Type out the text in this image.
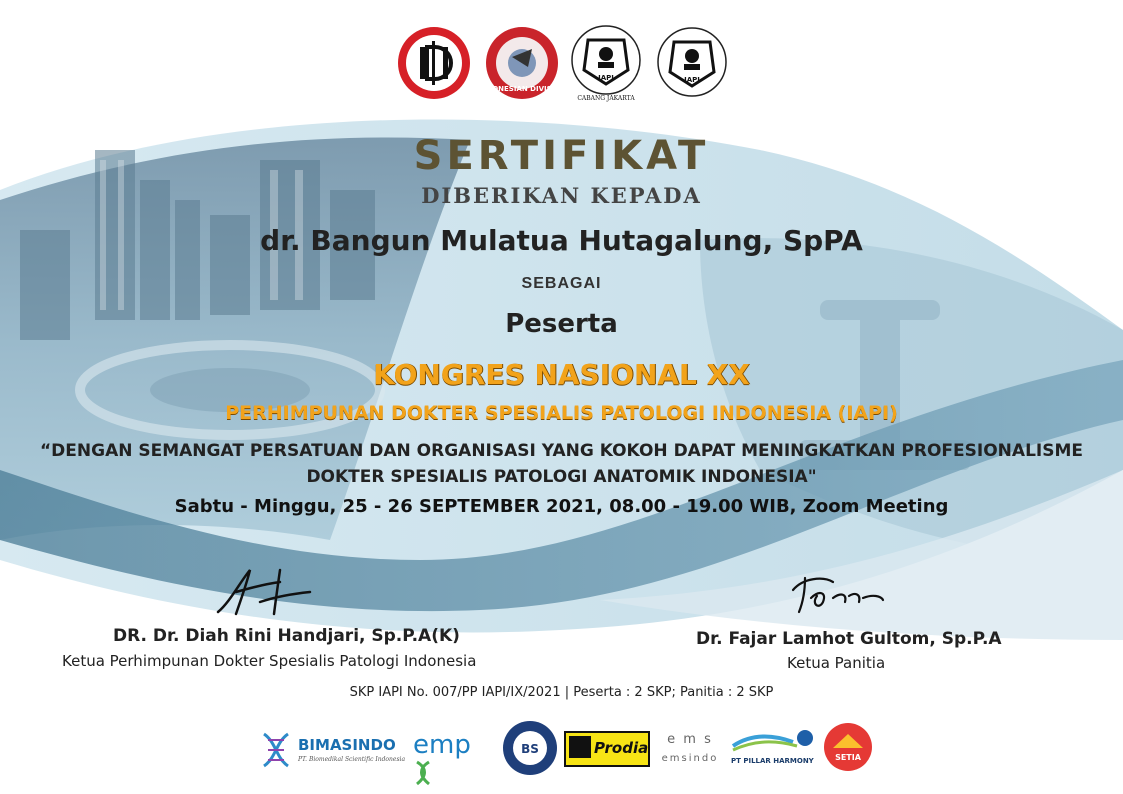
INDONESIAN DIVISION
IAPI
CABANG JAKARTA
IAPI
SERTIFIKAT
DIBERIKAN KEPADA
dr. Bangun Mulatua Hutagalung, SpPA
SEBAGAI
Peserta
KONGRES NASIONAL XX
PERHIMPUNAN DOKTER SPESIALIS PATOLOGI INDONESIA (IAPI)
“DENGAN SEMANGAT PERSATUAN DAN ORGANISASI YANG KOKOH DAPAT MENINGKATKAN PROFESIONALISME
DOKTER SPESIALIS PATOLOGI ANATOMIK INDONESIA"
Sabtu - Minggu, 25 - 26 SEPTEMBER 2021, 08.00 - 19.00 WIB, Zoom Meeting
DR. Dr. Diah Rini Handjari, Sp.P.A(K)
Ketua Perhimpunan Dokter Spesialis Patologi Indonesia
Dr. Fajar Lamhot Gultom, Sp.P.A
Ketua Panitia
SKP IAPI No. 007/PP IAPI/IX/2021 | Peserta : 2 SKP; Panitia : 2 SKP
BIMASINDO
PT. Biomedikal Scientific Indonesia emp	BS	Prodia	e m s
emsindo	PT PILLAR HARMONY	SETIA
